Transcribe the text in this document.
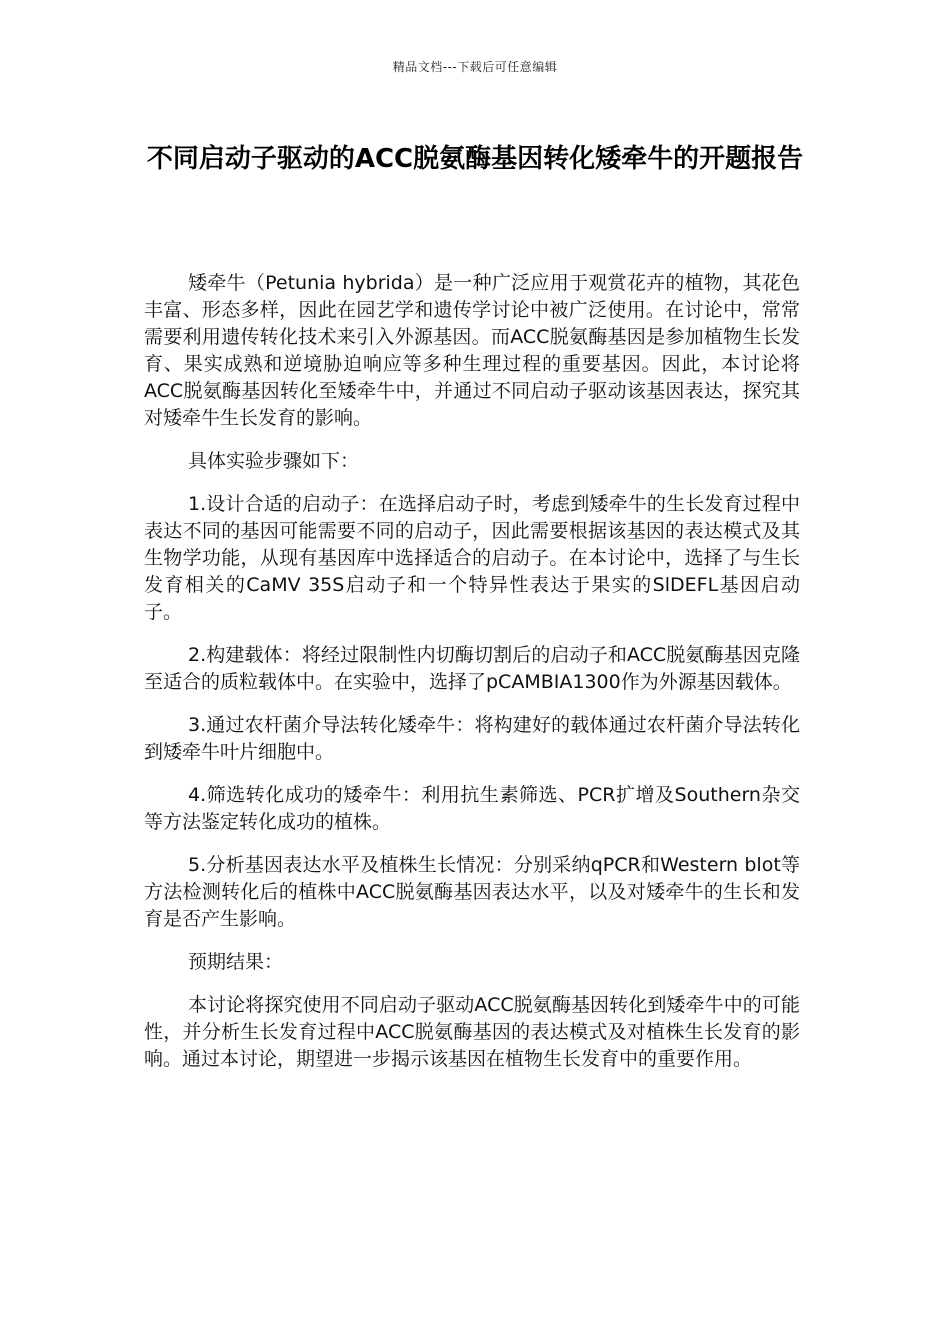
精品文档---下载后可任意编辑
不同启动子驱动的ACC脱氨酶基因转化矮牵牛的开题报告

矮牵牛（Petunia hybrida）是一种广泛应用于观赏花卉的植物，其花色丰富、形态多样，因此在园艺学和遗传学讨论中被广泛使用。在讨论中，常常需要利用遗传转化技术来引入外源基因。而ACC脱氨酶基因是参加植物生长发育、果实成熟和逆境胁迫响应等多种生理过程的重要基因。因此，本讨论将ACC脱氨酶基因转化至矮牵牛中，并通过不同启动子驱动该基因表达，探究其对矮牵牛生长发育的影响。

具体实验步骤如下：

1.设计合适的启动子：在选择启动子时，考虑到矮牵牛的生长发育过程中表达不同的基因可能需要不同的启动子，因此需要根据该基因的表达模式及其生物学功能，从现有基因库中选择适合的启动子。在本讨论中，选择了与生长发育相关的CaMV 35S启动子和一个特异性表达于果实的SlDEFL基因启动子。

2.构建载体：将经过限制性内切酶切割后的启动子和ACC脱氨酶基因克隆至适合的质粒载体中。在实验中，选择了pCAMBIA1300作为外源基因载体。

3.通过农杆菌介导法转化矮牵牛：将构建好的载体通过农杆菌介导法转化到矮牵牛叶片细胞中。

4.筛选转化成功的矮牵牛：利用抗生素筛选、PCR扩增及Southern杂交等方法鉴定转化成功的植株。

5.分析基因表达水平及植株生长情况：分别采纳qPCR和Western blot等方法检测转化后的植株中ACC脱氨酶基因表达水平，以及对矮牵牛的生长和发育是否产生影响。

预期结果：

本讨论将探究使用不同启动子驱动ACC脱氨酶基因转化到矮牵牛中的可能性，并分析生长发育过程中ACC脱氨酶基因的表达模式及对植株生长发育的影响。通过本讨论，期望进一步揭示该基因在植物生长发育中的重要作用。
